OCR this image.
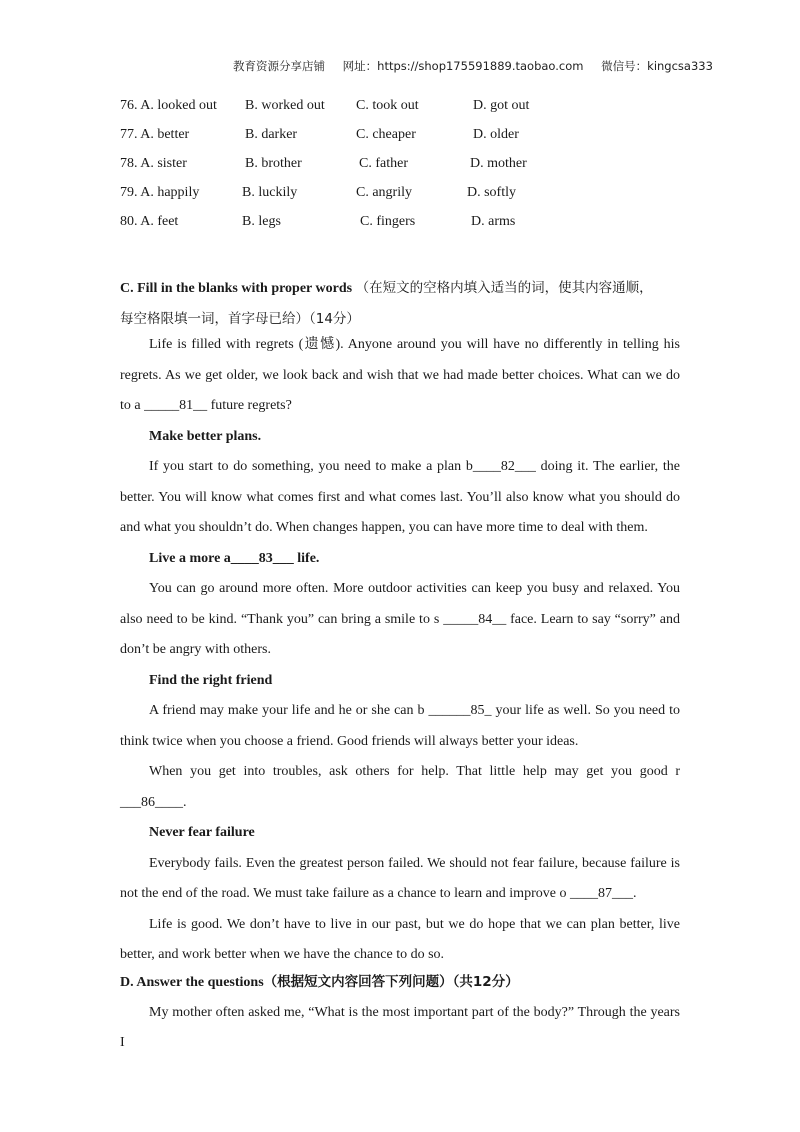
教育资源分享店铺 网址：https://shop175591889.taobao.com 微信号：kingcsa333
76. A. looked out B. worked out C. took out	D. got out
77. A. better	B. darker	C. cheaper	D. older
78. A. sister	B. brother	C. father	D. mother
79. A. happily	B. luckily	C. angrily	D. softly
80. A. feet	B. legs	C. fingers	D. arms
C. Fill in the blanks with proper words （在短文的空格内填入适当的词，使其内容通顺，
每空格限填一词，首字母已给）（14分）

Life is filled with regrets (遗憾). Anyone around you will have no differently in telling his regrets. As we get older, we look back and wish that we had made better choices. What can we do to a _____81__ future regrets?

Make better plans.

If you start to do something, you need to make a plan b____82___ doing it. The earlier, the better. You will know what comes first and what comes last. You’ll also know what you should do and what you shouldn’t do. When changes happen, you can have more time to deal with them.

Live a more a____83___ life.

You can go around more often. More outdoor activities can keep you busy and relaxed. You also need to be kind. “Thank you” can bring a smile to s _____84__ face. Learn to say “sorry” and don’t be angry with others.

Find the right friend

A friend may make your life and he or she can b ______85_ your life as well. So you need to think twice when you choose a friend. Good friends will always better your ideas.

When you get into troubles, ask others for help. That little help may get you good r ___86____.

Never fear failure

Everybody fails. Even the greatest person failed. We should not fear failure, because failure is not the end of the road. We must take failure as a chance to learn and improve o ____87___.

Life is good. We don’t have to live in our past, but we do hope that we can plan better, live better, and work better when we have the chance to do so.

D. Answer the questions（根据短文内容回答下列问题）（共12分）

My mother often asked me, “What is the most important part of the body?” Through the years I
